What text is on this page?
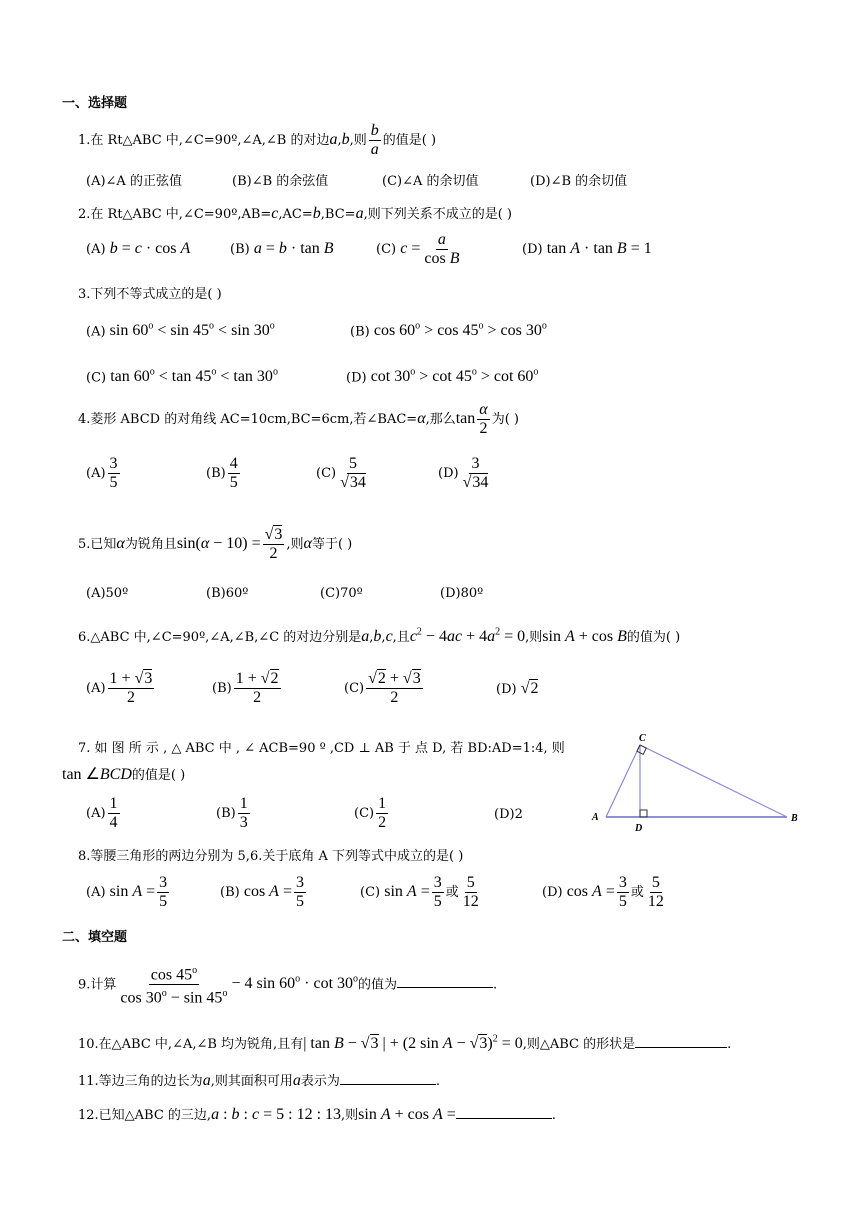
一、选择题
1.在 Rt△ABC 中,∠C=90º,∠A,∠B 的对边a,b,则 $\frac{b}{a}$ 的值是( )
(A)∠A 的正弦值	(B)∠B 的余弦值	(C)∠A 的余切值	(D)∠B 的余切值
2.在 Rt△ABC 中,∠C=90º,AB=c,AC=b,BC=a,则下列关系不成立的是( )
(A) b = c · cos A	(B) a = b · tan B	(C) $c = \frac{a}{\text{cos B}}$	(D) tan A · tan B = 1
3.下列不等式成立的是( )
(A) $\sin 60^o < \sin 45^o < \sin 30^o$	(B) $\cos 60^o > \cos 45^o > \cos 30^o$
(C) $\tan 60^o < \tan 45^o < \tan 30^o$	(D) $\cot 30^o > \cot 45^o > \cot 60^o$
4.菱形 ABCD 的对角线 AC=10cm,BC=6cm,若∠BAC=α,那么$\tan \frac{\alpha}{2}$ 为( )
$(A) \frac{3}{5}$	$(B) \frac{4}{5}$	$(C) \frac{5}{√34}$	$(D) \frac{3}{√34}$
5.已知α为锐角且$\sin(\alpha - 10) = \frac{√3}{2}$ ,则α等于( )
(A)50º	(B)60º	(C)70º	(D)80º
6.△ABC 中,∠C=90º,∠A,∠B,∠C 的对边分别是a,b,c,且$c^2 - 4ac + 4a^2 = 0$,则sin A + cos B的值为( )
$(A) \frac{1 + √3}{2}$	$(B) \frac{1 + √2}{2}$	$(C) \frac{√2 + √3}{2}$	(D) √2
7. 如 图 所 示 , △ ABC 中 , ∠ ACB=90 º ,CD ⊥ AB 于 点 D, 若 BD:AD=1:4, 则
tan ∠BCD的值是( )
$(A) \frac{1}{4}$	$(B) \frac{1}{3}$	$(C) \frac{1}{2}$	(D)2	A	B
C
D
8.等腰三角形的两边分别为 5,6.关于底角 A 下列等式中成立的是( )
(A) $\sin A = \frac{3}{5}$	(B) $\cos A = \frac{3}{5}$	(C) $\sin A = \frac{3}{5}$ 或 $\frac{5}{12}$	(D) $\cos A = \frac{3}{5}$ 或 $\frac{5}{12}$
二、填空题
9.计算 $\frac{\cos 45^o}{\cos 30^o - \sin 45^o} - 4$ $\sin 60^o \cdot \cot 30^o$的值为	.
10.在△ABC 中,∠A,∠B 均为锐角,且有| tan B − √3 | + (2 sin A − √3)$^2$ = 0,则△ABC 的形状是	.
11.等边三角的边长为a,则其面积可用a表示为	.
12.已知△ABC 的三边,a : b : c = 5 : 12 : 13,则sin A + cos A =	.
